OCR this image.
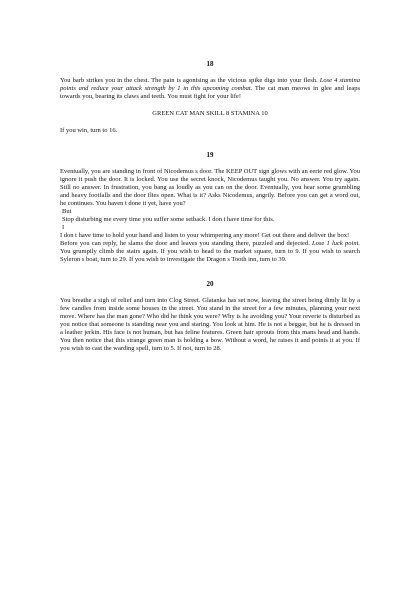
18

You barb strikes you in the chest. The pain is agonising as the vicious spike digs into your flesh. Lose 4 stamina points and reduce your attack strength by 1 in this upcoming combat. The cat man meows in glee and leaps towards you, bearing its claws and teeth. You must fight for your life!

GREEN CAT MAN SKILL 8 STAMINA 10

If you win, turn to 16.

19

Eventually, you are standing in front of Nicodemus s door. The KEEP OUT sign glows with an eerie red glow. You ignore it push the door. It is locked. You use the secret knock, Nicodemus taught you. No answer. You try again. Still no answer. In frustration, you bang as loudly as you can on the door. Eventually, you hear some grumbling and heavy footfalls and the door flies open. What is it? Asks Nicodemus, angrily. Before you can get a word out, he continues. You haven t done it yet, have you?

But

Stop disturbing me every time you suffer some setback. I don t have time for this.

I

I don t have time to hold your hand and listen to your whimpering any more! Get out there and deliver the box!

Before you can reply, he slams the door and leaves you standing there, puzzled and dejected. Lose 1 luck point. You grumpily climb the stairs again. If you wish to head to the market square, turn to 9. If you wish to search Syleron s boat, turn to 29. If you wish to investigate the Dragon s Tooth inn, turn to 39.

20

You breathe a sigh of relief and turn into Clog Street. Glatanka has set now, leaving the street being dimly lit by a few candles from inside some houses in the street. You stand in the street for a few minutes, planning your next move. Where has the man gone? Who did he think you were? Why is he avoiding you? Your reverie is disturbed as you notice that someone is standing near you and staring. You look at him. He is not a beggar, but he is dressed in a leather jerkin. His face is not human, but has feline features. Green hair sprouts from this mans head and hands. You then notice that this strange green man is holding a bow. Without a word, he raises it and points it at you. If you wish to cast the warding spell, turn to 5. If not, turn to 28.
